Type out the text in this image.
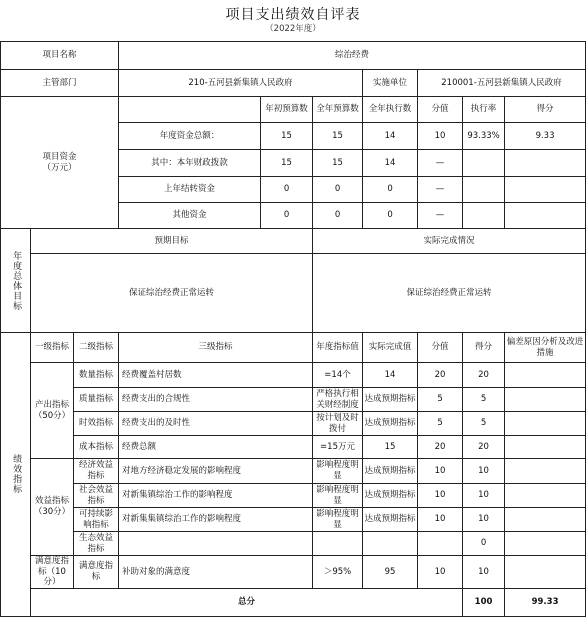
项目支出绩效自评表
（2022年度）
项目名称			综治经费							
主管部门			210-五河县新集镇人民政府			实施单位	210001-五河县新集镇人民政府			
项目资金
（万元）				年初预算数	全年预算数	全年执行数	分值	执行率	得分	
			年度资金总额：	15	15	14	10	93.33%	9.33	
			其中：本年财政拨款	15	15	14	—			
			上年结转资金	0	0	0	—			
			其他资金	0	0	0	—			

年度总体目标	预期目标				实际完成情况					
	保证综治经费正常运转				保证综治经费正常运转					

绩效指标	一级指标	二级指标	三级指标		年度指标值	实际完成值	分值	得分	偏差原因分析及改进措施	
	产出指标
（50分）	数量指标	经费覆盖村居数		=14个	14	20	20		
		质量指标	经费支出的合规性		严格执行相关财经制度	达成预期指标	5	5		
		时效指标	经费支出的及时性		按计划及时拨付	达成预期指标	5	5		
		成本指标	经费总额		=15万元	15	20	20		
	效益指标
（30分）	经济效益指标	对地方经济稳定发展的影响程度		影响程度明显	达成预期指标	10	10		
		社会效益指标	对新集镇综治工作的影响程度		影响程度明显	达成预期指标	10	10		
		可持续影响指标	对新集集镇综治工作的影响程度		影响程度明显	达成预期指标	10	10		
		生态效益指标						0		
	满意度指标（10分）	满意度指标	补助对象的满意度		＞95%	95	10	10		
	总分							100	99.33	
